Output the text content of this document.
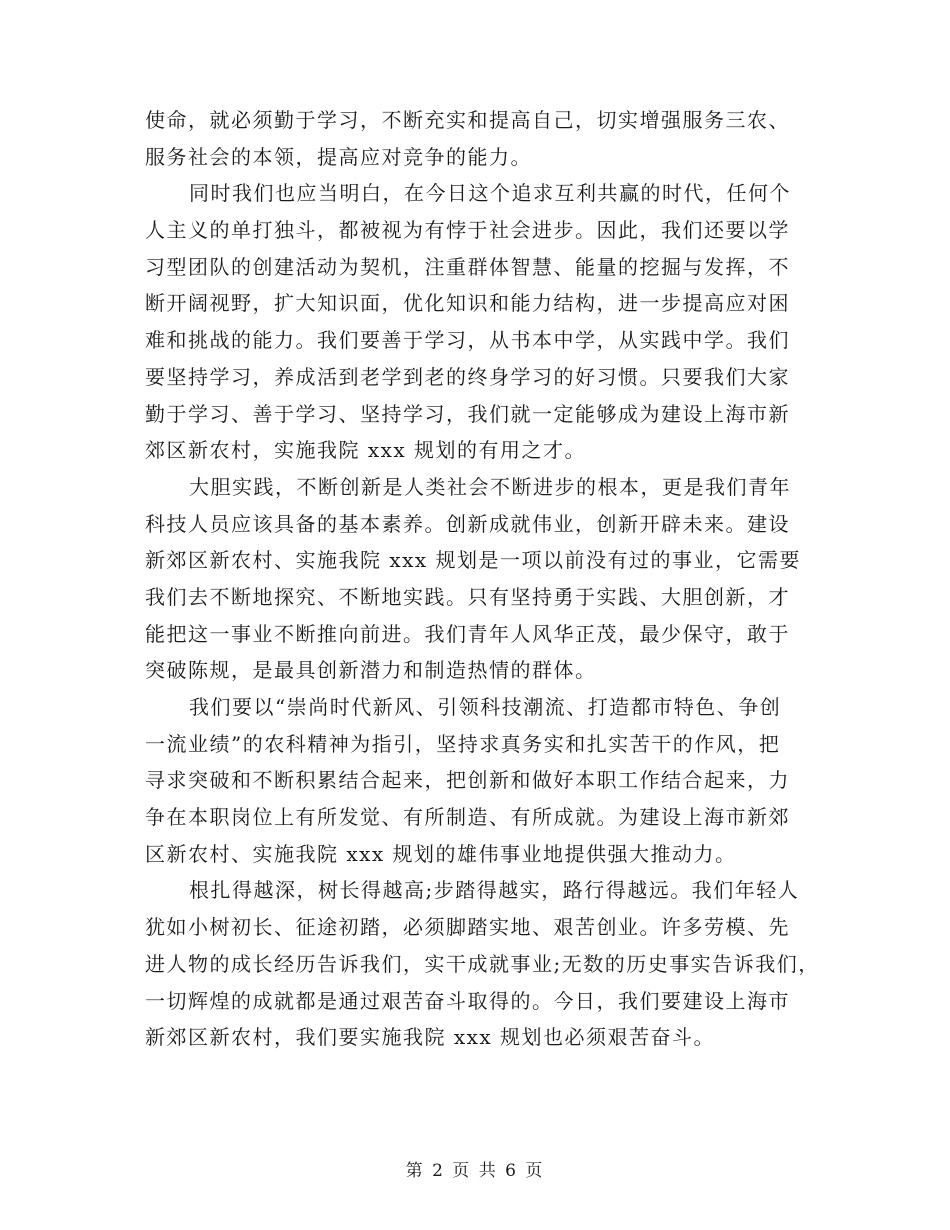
使命，就必须勤于学习，不断充实和提高自己，切实增强服务三农、
服务社会的本领，提高应对竞争的能力。
同时我们也应当明白，在今日这个追求互利共赢的时代，任何个
人主义的单打独斗，都被视为有悖于社会进步。因此，我们还要以学
习型团队的创建活动为契机，注重群体智慧、能量的挖掘与发挥，不
断开阔视野，扩大知识面，优化知识和能力结构，进一步提高应对困
难和挑战的能力。我们要善于学习，从书本中学，从实践中学。我们
要坚持学习，养成活到老学到老的终身学习的好习惯。只要我们大家
勤于学习、善于学习、坚持学习，我们就一定能够成为建设上海市新
郊区新农村，实施我院 xxx 规划的有用之才。
大胆实践，不断创新是人类社会不断进步的根本，更是我们青年
科技人员应该具备的基本素养。创新成就伟业，创新开辟未来。建设
新郊区新农村、实施我院 xxx 规划是一项以前没有过的事业，它需要
我们去不断地探究、不断地实践。只有坚持勇于实践、大胆创新，才
能把这一事业不断推向前进。我们青年人风华正茂，最少保守，敢于
突破陈规，是最具创新潜力和制造热情的群体。
我们要以“崇尚时代新风、引领科技潮流、打造都市特色、争创
一流业绩”的农科精神为指引，坚持求真务实和扎实苦干的作风，把
寻求突破和不断积累结合起来，把创新和做好本职工作结合起来，力
争在本职岗位上有所发觉、有所制造、有所成就。为建设上海市新郊
区新农村、实施我院 xxx 规划的雄伟事业地提供强大推动力。
根扎得越深，树长得越高;步踏得越实，路行得越远。我们年轻人
犹如小树初长、征途初踏，必须脚踏实地、艰苦创业。许多劳模、先
进人物的成长经历告诉我们，实干成就事业;无数的历史事实告诉我们，
一切辉煌的成就都是通过艰苦奋斗取得的。今日，我们要建设上海市
新郊区新农村，我们要实施我院 xxx 规划也必须艰苦奋斗。
第 2 页 共 6 页
